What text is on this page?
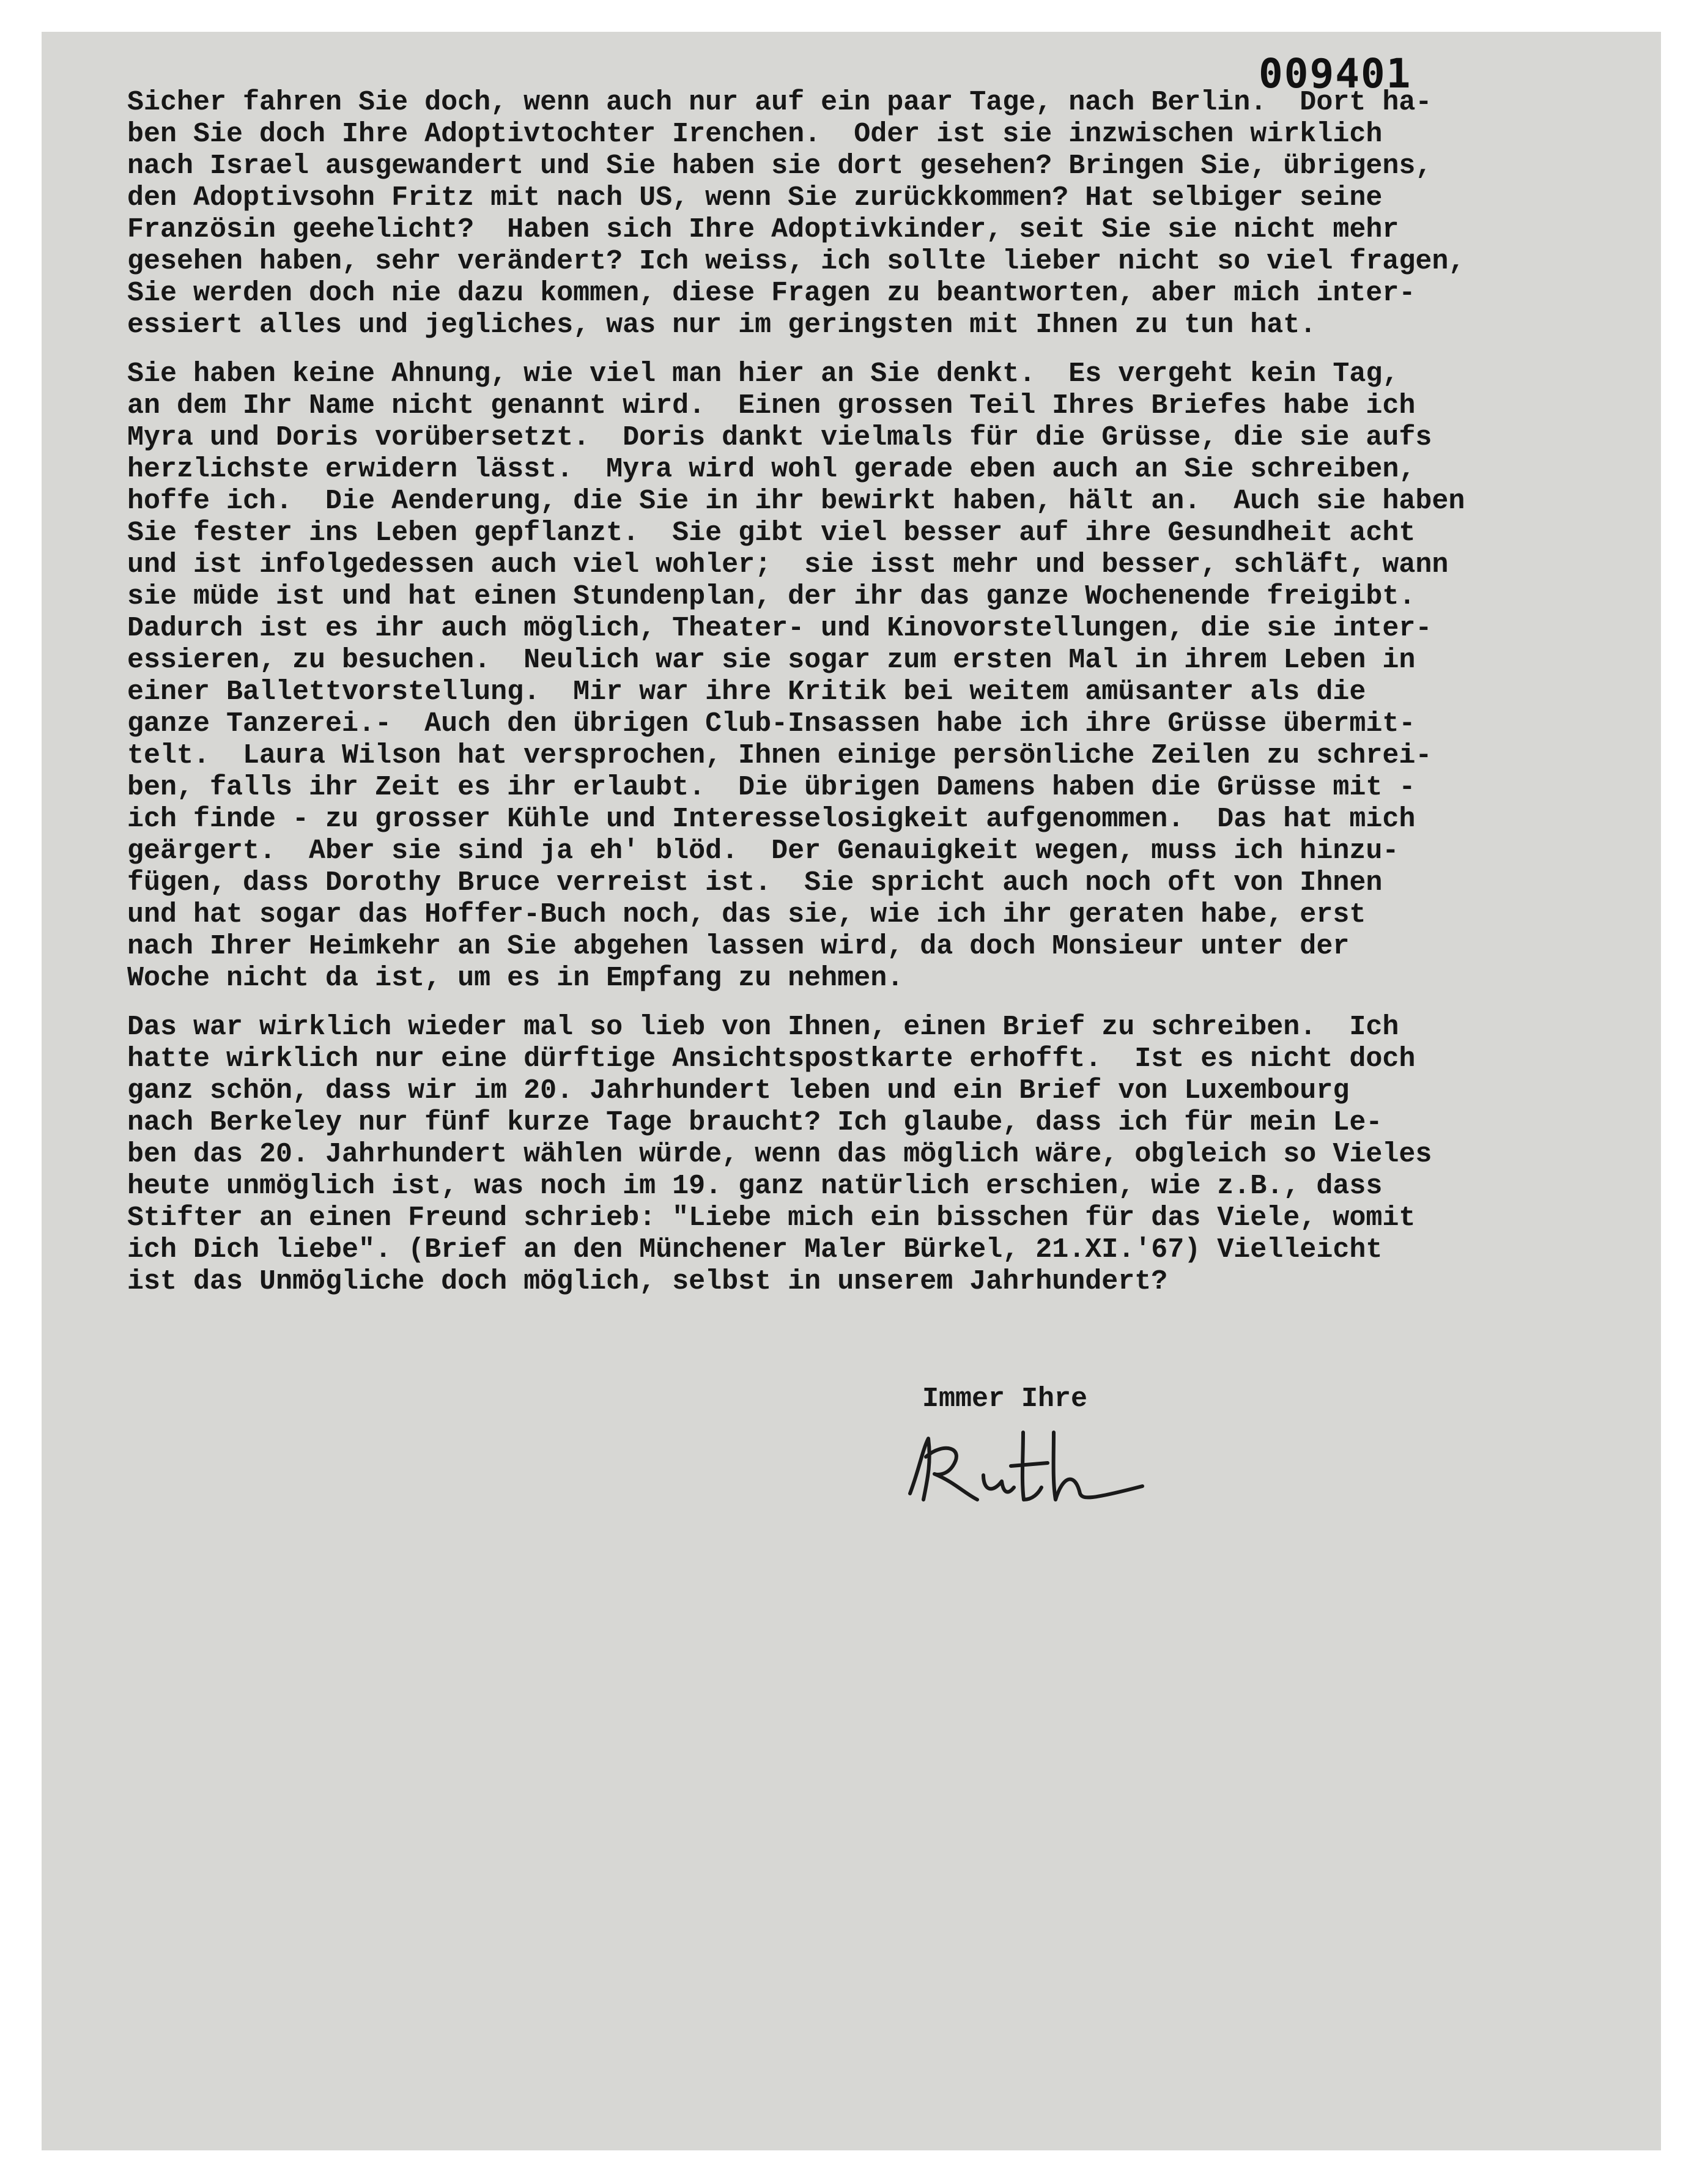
009401
Sicher fahren Sie doch, wenn auch nur auf ein paar Tage, nach Berlin.  Dort ha-
ben Sie doch Ihre Adoptivtochter Irenchen.  Oder ist sie inzwischen wirklich
nach Israel ausgewandert und Sie haben sie dort gesehen? Bringen Sie, übrigens,
den Adoptivsohn Fritz mit nach US, wenn Sie zurückkommen? Hat selbiger seine
Französin geehelicht?  Haben sich Ihre Adoptivkinder, seit Sie sie nicht mehr
gesehen haben, sehr verändert? Ich weiss, ich sollte lieber nicht so viel fragen,
Sie werden doch nie dazu kommen, diese Fragen zu beantworten, aber mich inter-
essiert alles und jegliches, was nur im geringsten mit Ihnen zu tun hat.
Sie haben keine Ahnung, wie viel man hier an Sie denkt.  Es vergeht kein Tag,
an dem Ihr Name nicht genannt wird.  Einen grossen Teil Ihres Briefes habe ich
Myra und Doris vorübersetzt.  Doris dankt vielmals für die Grüsse, die sie aufs
herzlichste erwidern lässt.  Myra wird wohl gerade eben auch an Sie schreiben,
hoffe ich.  Die Aenderung, die Sie in ihr bewirkt haben, hält an.  Auch sie haben
Sie fester ins Leben gepflanzt.  Sie gibt viel besser auf ihre Gesundheit acht
und ist infolgedessen auch viel wohler;  sie isst mehr und besser, schläft, wann
sie müde ist und hat einen Stundenplan, der ihr das ganze Wochenende freigibt.
Dadurch ist es ihr auch möglich, Theater- und Kinovorstellungen, die sie inter-
essieren, zu besuchen.  Neulich war sie sogar zum ersten Mal in ihrem Leben in
einer Ballettvorstellung.  Mir war ihre Kritik bei weitem amüsanter als die
ganze Tanzerei.-  Auch den übrigen Club-Insassen habe ich ihre Grüsse übermit-
telt.  Laura Wilson hat versprochen, Ihnen einige persönliche Zeilen zu schrei-
ben, falls ihr Zeit es ihr erlaubt.  Die übrigen Damens haben die Grüsse mit -
ich finde - zu grosser Kühle und Interesselosigkeit aufgenommen.  Das hat mich
geärgert.  Aber sie sind ja eh' blöd.  Der Genauigkeit wegen, muss ich hinzu-
fügen, dass Dorothy Bruce verreist ist.  Sie spricht auch noch oft von Ihnen
und hat sogar das Hoffer-Buch noch, das sie, wie ich ihr geraten habe, erst
nach Ihrer Heimkehr an Sie abgehen lassen wird, da doch Monsieur unter der
Woche nicht da ist, um es in Empfang zu nehmen.
Das war wirklich wieder mal so lieb von Ihnen, einen Brief zu schreiben.  Ich
hatte wirklich nur eine dürftige Ansichtspostkarte erhofft.  Ist es nicht doch
ganz schön, dass wir im 20. Jahrhundert leben und ein Brief von Luxembourg
nach Berkeley nur fünf kurze Tage braucht? Ich glaube, dass ich für mein Le-
ben das 20. Jahrhundert wählen würde, wenn das möglich wäre, obgleich so Vieles
heute unmöglich ist, was noch im 19. ganz natürlich erschien, wie z.B., dass
Stifter an einen Freund schrieb: "Liebe mich ein bisschen für das Viele, womit
ich Dich liebe". (Brief an den Münchener Maler Bürkel, 21.XI.'67) Vielleicht
ist das Unmögliche doch möglich, selbst in unserem Jahrhundert?
Immer Ihre
